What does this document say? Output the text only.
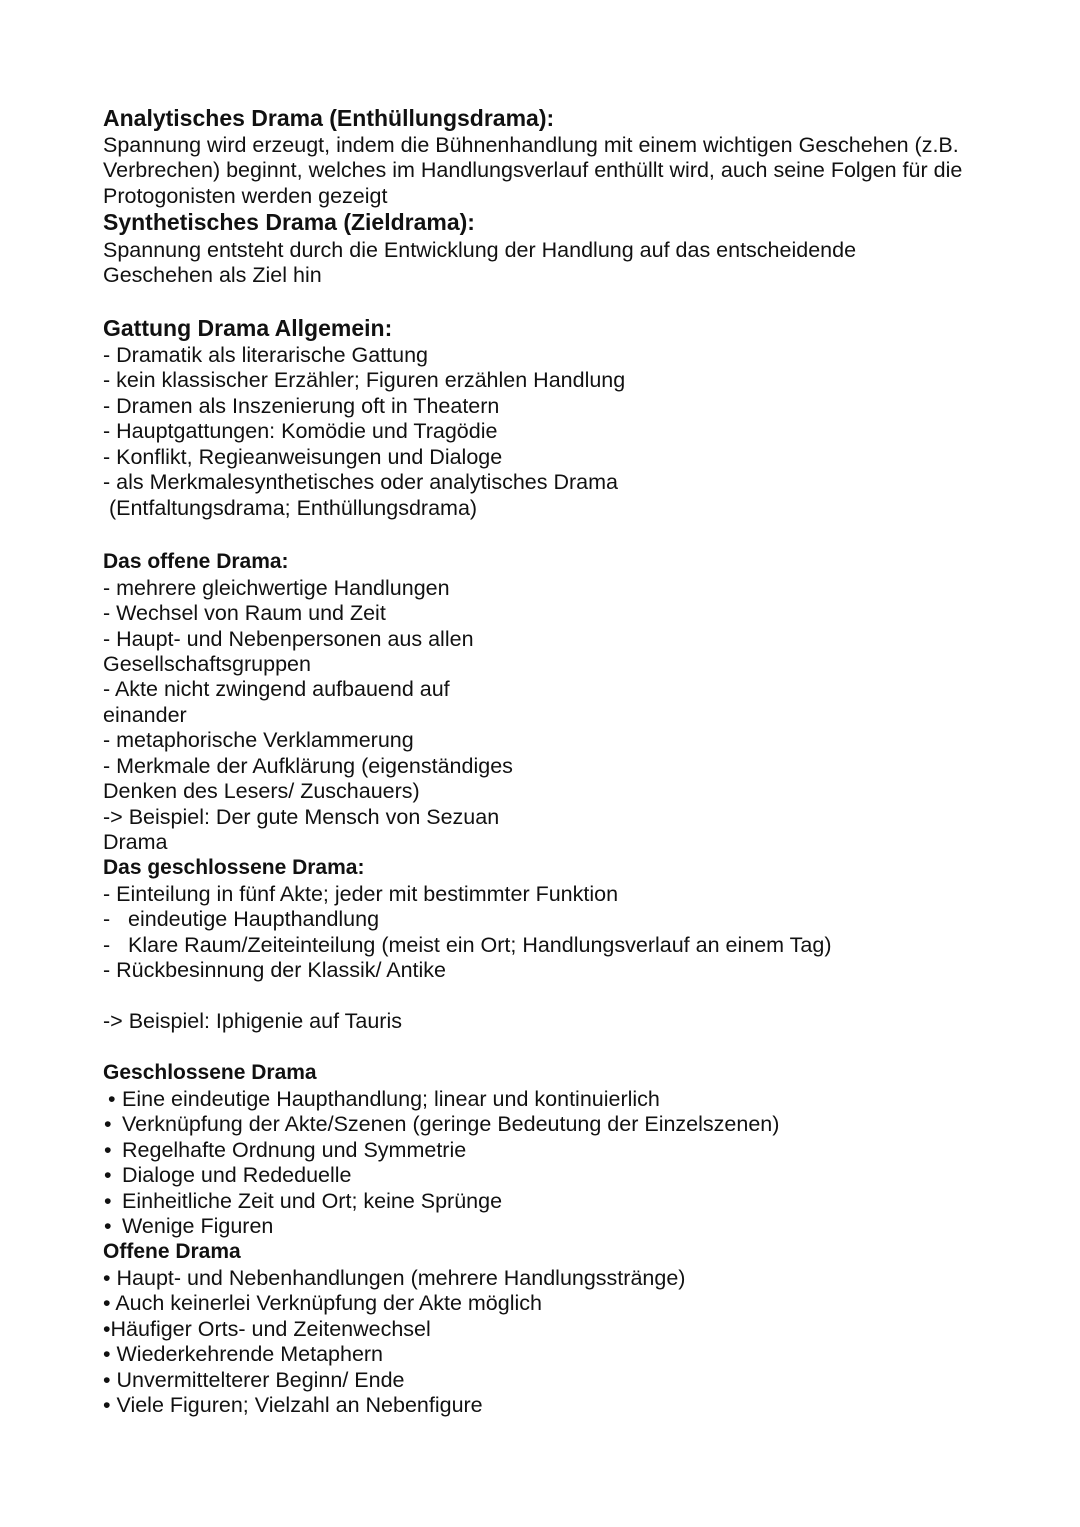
Analytisches Drama (Enthüllungsdrama):
Spannung wird erzeugt, indem die Bühnenhandlung mit einem wichtigen Geschehen (z.B.
Verbrechen) beginnt, welches im Handlungsverlauf enthüllt wird, auch seine Folgen für die
Protogonisten werden gezeigt
Synthetisches Drama (Zieldrama):
Spannung entsteht durch die Entwicklung der Handlung auf das entscheidende
Geschehen als Ziel hin
Gattung Drama Allgemein:
- Dramatik als literarische Gattung
- kein klassischer Erzähler; Figuren erzählen Handlung
- Dramen als Inszenierung oft in Theatern
- Hauptgattungen: Komödie und Tragödie
- Konflikt, Regieanweisungen und Dialoge
- als Merkmalesynthetisches oder analytisches Drama
(Entfaltungsdrama; Enthüllungsdrama)
Das offene Drama:
- mehrere gleichwertige Handlungen
- Wechsel von Raum und Zeit
- Haupt- und Nebenpersonen aus allen
Gesellschaftsgruppen
- Akte nicht zwingend aufbauend auf
einander
- metaphorische Verklammerung
- Merkmale der Aufklärung (eigenständiges
Denken des Lesers/ Zuschauers)
-> Beispiel: Der gute Mensch von Sezuan
Drama
Das geschlossene Drama:
- Einteilung in fünf Akte; jeder mit bestimmter Funktion
- eindeutige Haupthandlung
- Klare Raum/Zeiteinteilung (meist ein Ort; Handlungsverlauf an einem Tag)
- Rückbesinnung der Klassik/ Antike
-> Beispiel: Iphigenie auf Tauris
Geschlossene Drama
• Eine eindeutige Haupthandlung; linear und kontinuierlich
• Verknüpfung der Akte/Szenen (geringe Bedeutung der Einzelszenen)
• Regelhafte Ordnung und Symmetrie
• Dialoge und Rededuelle
• Einheitliche Zeit und Ort; keine Sprünge
• Wenige Figuren
Offene Drama
• Haupt- und Nebenhandlungen (mehrere Handlungsstränge)
• Auch keinerlei Verknüpfung der Akte möglich
•Häufiger Orts- und Zeitenwechsel
• Wiederkehrende Metaphern
• Unvermittelterer Beginn/ Ende
• Viele Figuren; Vielzahl an Nebenfigure
